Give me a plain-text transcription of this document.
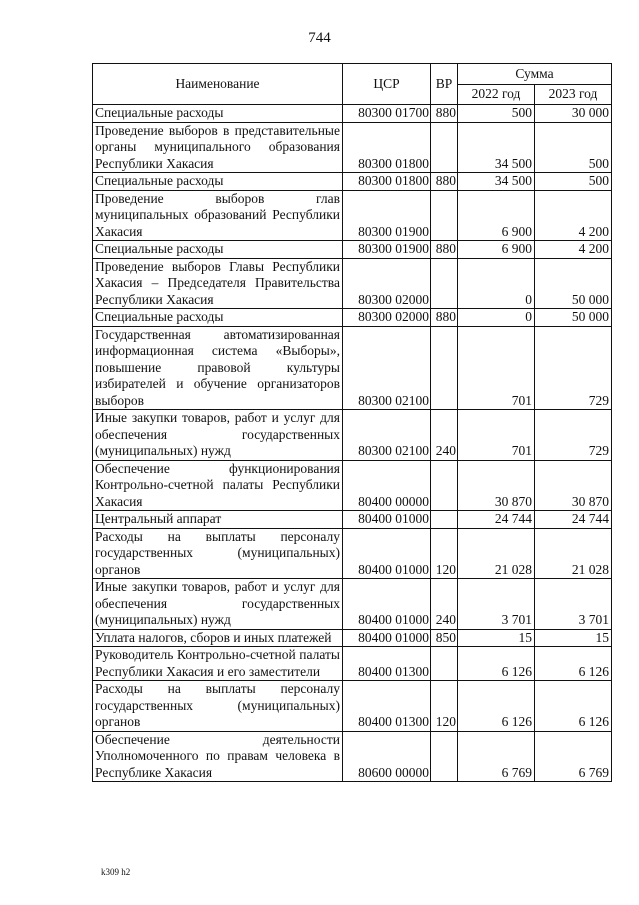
744
Наименование	ЦСР	ВР	Сумма	
			2022 год	2023 год
Специальные расходы	80300 01700	880	500	30 000
Проведение выборов в представительные органы муниципального образования Республики Хакасия	80300 01800		34 500	500
Специальные расходы	80300 01800	880	34 500	500
Проведение выборов глав муниципальных образований Республики Хакасия	80300 01900		6 900	4 200
Специальные расходы	80300 01900	880	6 900	4 200
Проведение выборов Главы Республики Хакасия – Председателя Правительства Республики Хакасия	80300 02000		0	50 000
Специальные расходы	80300 02000	880	0	50 000
Государственная автоматизированная информационная система «Выборы», повышение правовой культуры избирателей и обучение организаторов выборов	80300 02100		701	729
Иные закупки товаров, работ и услуг для обеспечения государственных (муниципальных) нужд	80300 02100	240	701	729
Обеспечение функционирования Контрольно-счетной палаты Республики Хакасия	80400 00000		30 870	30 870
Центральный аппарат	80400 01000		24 744	24 744
Расходы на выплаты персоналу государственных (муниципальных) органов	80400 01000	120	21 028	21 028
Иные закупки товаров, работ и услуг для обеспечения государственных (муниципальных) нужд	80400 01000	240	3 701	3 701
Уплата налогов, сборов и иных платежей	80400 01000	850	15	15
Руководитель Контрольно-счетной палаты Республики Хакасия и его заместители	80400 01300		6 126	6 126
Расходы на выплаты персоналу государственных (муниципальных) органов	80400 01300	120	6 126	6 126
Обеспечение деятельности Уполномоченного по правам человека в Республике Хакасия	80600 00000		6 769	6 769
k309 h2
